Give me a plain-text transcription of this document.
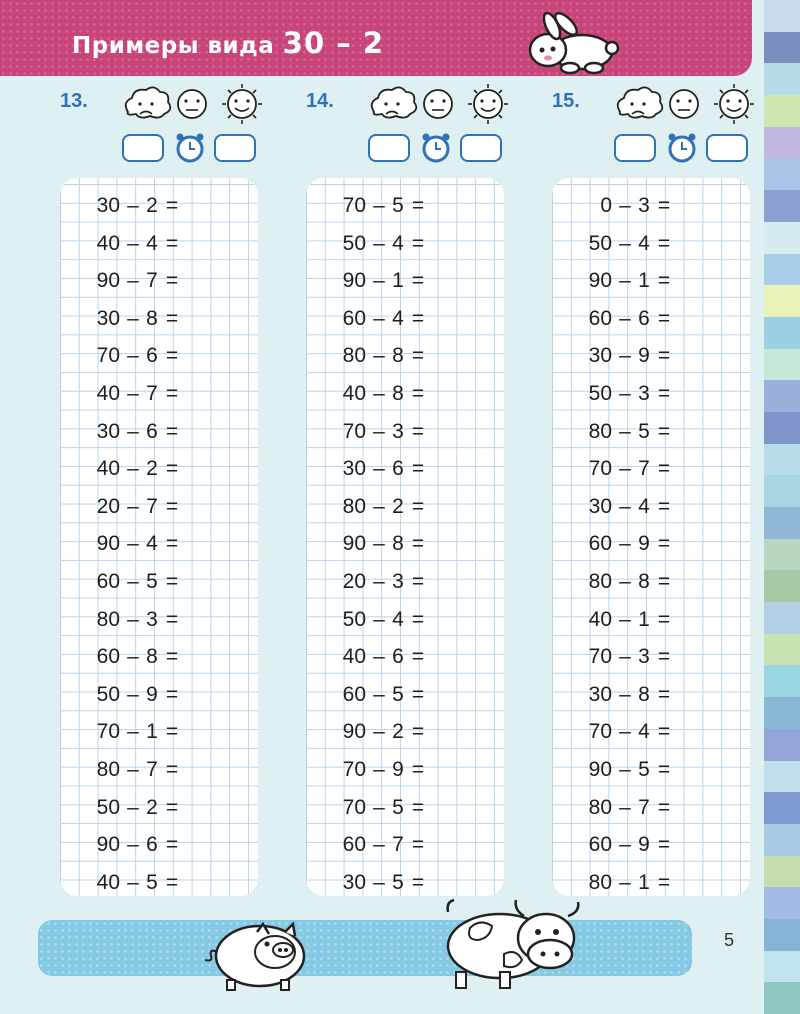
Примеры вида 30 – 2
13.	14.	15.
30 – 2 =
40 – 4 =
90 – 7 =
30 – 8 =
70 – 6 =
40 – 7 =
30 – 6 =
40 – 2 =
20 – 7 =
90 – 4 =
60 – 5 =
80 – 3 =
60 – 8 =
50 – 9 =
70 – 1 =
80 – 7 =
50 – 2 =
90 – 6 =
40 – 5 =
70 – 5 =
50 – 4 =
90 – 1 =
60 – 4 =
80 – 8 =
40 – 8 =
70 – 3 =
30 – 6 =
80 – 2 =
90 – 8 =
20 – 3 =
50 – 4 =
40 – 6 =
60 – 5 =
90 – 2 =
70 – 9 =
70 – 5 =
60 – 7 =
30 – 5 =
0 – 3 =
50 – 4 =
90 – 1 =
60 – 6 =
30 – 9 =
50 – 3 =
80 – 5 =
70 – 7 =
30 – 4 =
60 – 9 =
80 – 8 =
40 – 1 =
70 – 3 =
30 – 8 =
70 – 4 =
90 – 5 =
80 – 7 =
60 – 9 =
80 – 1 =
5
